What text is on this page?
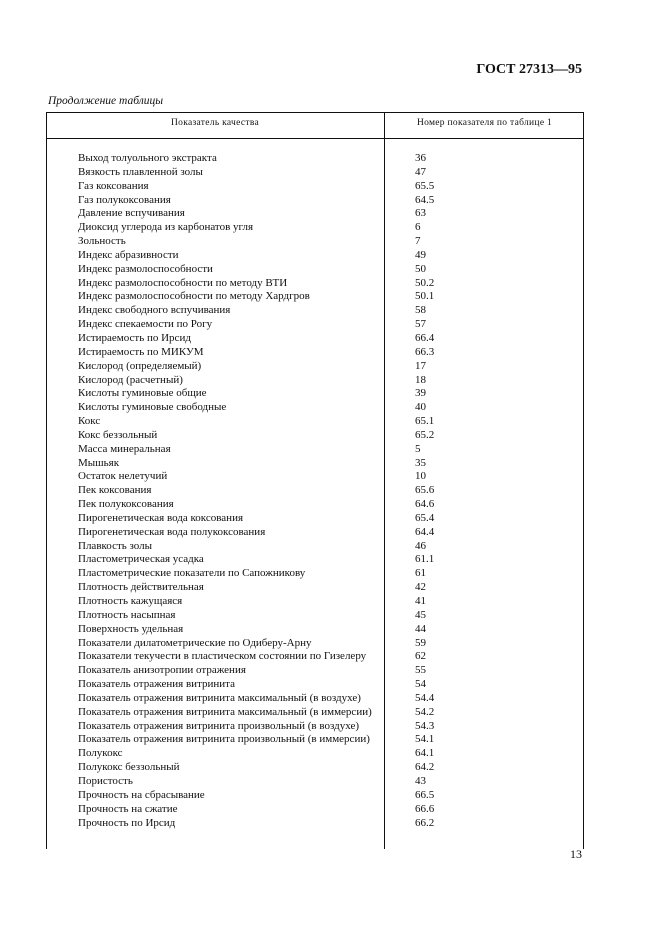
ГОСТ 27313—95
Продолжение таблицы
Показатель качества	Номер показателя по таблице 1
Выход толуольного экстракта	36
Вязкость плавленной золы	47
Газ коксования	65.5
Газ полукоксования	64.5
Давление вспучивания	63
Диоксид углерода из карбонатов угля	6
Зольность	7
Индекс абразивности	49
Индекс размолоспособности	50
Индекс размолоспособности по методу ВТИ	50.2
Индекс размолоспособности по методу Хардгров	50.1
Индекс свободного вспучивания	58
Индекс спекаемости по Рогу	57
Истираемость по Ирсид	66.4
Истираемость по МИКУМ	66.3
Кислород (определяемый)	17
Кислород (расчетный)	18
Кислоты гуминовые общие	39
Кислоты гуминовые свободные	40
Кокс	65.1
Кокс беззольный	65.2
Масса минеральная	5
Мышьяк	35
Остаток нелетучий	10
Пек коксования	65.6
Пек полукоксования	64.6
Пирогенетическая вода коксования	65.4
Пирогенетическая вода полукоксования	64.4
Плавкость золы	46
Пластометрическая усадка	61.1
Пластометрические показатели по Сапожникову	61
Плотность действительная	42
Плотность кажущаяся	41
Плотность насыпная	45
Поверхность удельная	44
Показатели дилатометрические по Одиберу-Арну	59
Показатели текучести в пластическом состоянии по Гизелеру	62
Показатель анизотропии отражения	55
Показатель отражения витринита	54
Показатель отражения витринита максимальный (в воздухе)	54.4
Показатель отражения витринита максимальный (в иммерсии)	54.2
Показатель отражения витринита произвольный (в воздухе)	54.3
Показатель отражения витринита произвольный (в иммерсии)	54.1
Полукокс	64.1
Полукокс беззольный	64.2
Пористость	43
Прочность на сбрасывание	66.5
Прочность на сжатие	66.6
Прочность по Ирсид	66.2
13
